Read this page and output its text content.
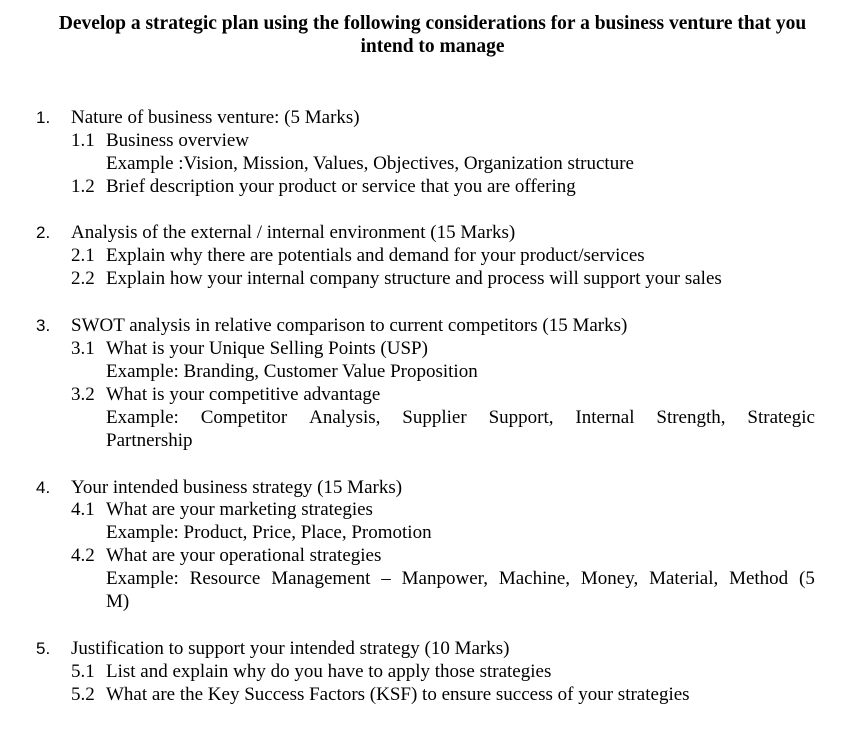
Develop a strategic plan using the following considerations for a business venture that you
intend to manage
1. Nature of business venture: (5 Marks)
1.1 Business overview
Example :Vision, Mission, Values, Objectives, Organization structure
1.2 Brief description your product or service that you are offering
2. Analysis of the external / internal environment (15 Marks)
2.1 Explain why there are potentials and demand for your product/services
2.2 Explain how your internal company structure and process will support your sales
3. SWOT analysis in relative comparison to current competitors (15 Marks)
3.1 What is your Unique Selling Points (USP)
Example: Branding, Customer Value Proposition
3.2 What is your competitive advantage
Example: Competitor Analysis, Supplier Support, Internal Strength, Strategic
Partnership
4. Your intended business strategy (15 Marks)
4.1 What are your marketing strategies
Example: Product, Price, Place, Promotion
4.2 What are your operational strategies
Example: Resource Management – Manpower, Machine, Money, Material, Method (5
M)
5. Justification to support your intended strategy (10 Marks)
5.1 List and explain why do you have to apply those strategies
5.2 What are the Key Success Factors (KSF) to ensure success of your strategies
